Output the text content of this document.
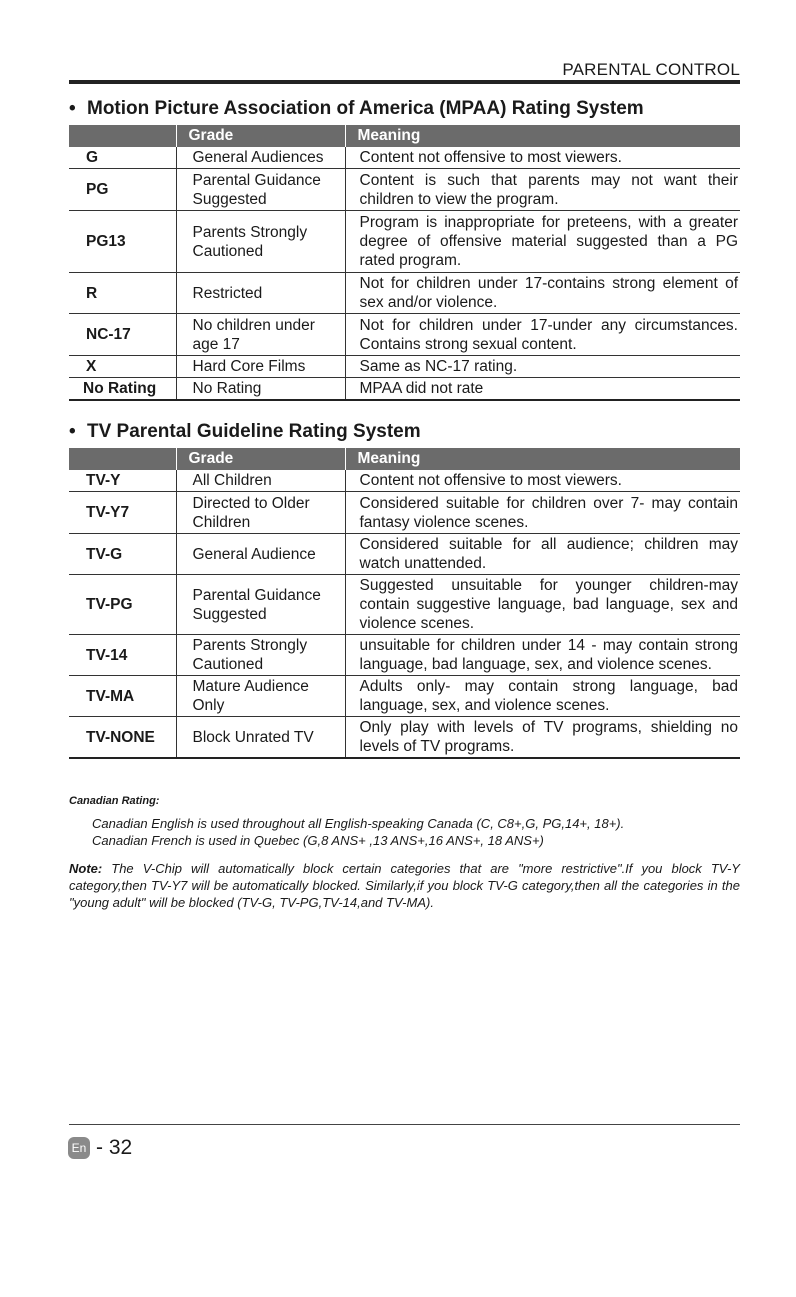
PARENTAL CONTROL
• Motion Picture Association of America (MPAA) Rating System
	Grade	Meaning
G	General Audiences	Content not offensive to most viewers.
PG	Parental Guidance Suggested	Content is such that parents may not want their children to view the program.
PG13	Parents Strongly Cautioned	Program is inappropriate for preteens, with a greater degree of offensive material suggested than a PG rated program.
R	Restricted	Not for children under 17-contains strong element of sex and/or violence.
NC-17	No children under age 17	Not for children under 17-under any circumstances. Contains strong sexual content.
X	Hard Core Films	Same as NC-17 rating.
No Rating	No Rating	MPAA did not rate
• TV Parental Guideline Rating System
	Grade	Meaning
TV-Y	All Children	Content not offensive to most viewers.
TV-Y7	Directed to Older Children	Considered suitable for children over 7- may contain fantasy violence scenes.
TV-G	General Audience	Considered suitable for all audience; children may watch unattended.
TV-PG	Parental Guidance Suggested	Suggested unsuitable for younger children-may contain suggestive language, bad language, sex and violence scenes.
TV-14	Parents Strongly Cautioned	unsuitable for children under 14 - may contain strong language, bad language, sex, and violence scenes.
TV-MA	Mature Audience Only	Adults only- may contain strong language, bad language, sex, and violence scenes.
TV-NONE	Block Unrated TV	Only play with levels of TV programs, shielding no levels of TV programs.
Canadian Rating:
Canadian English is used throughout all English-speaking Canada (C, C8+,G, PG,14+, 18+).
Canadian French is used in Quebec (G,8 ANS+ ,13 ANS+,16 ANS+, 18 ANS+)
Note: The V-Chip will automatically block certain categories that are "more restrictive".If you block TV-Y category,then TV-Y7 will be automatically blocked. Similarly,if you block TV-G category,then all the categories in the "young adult" will be blocked (TV-G, TV-PG,TV-14,and TV-MA).
En - 32
